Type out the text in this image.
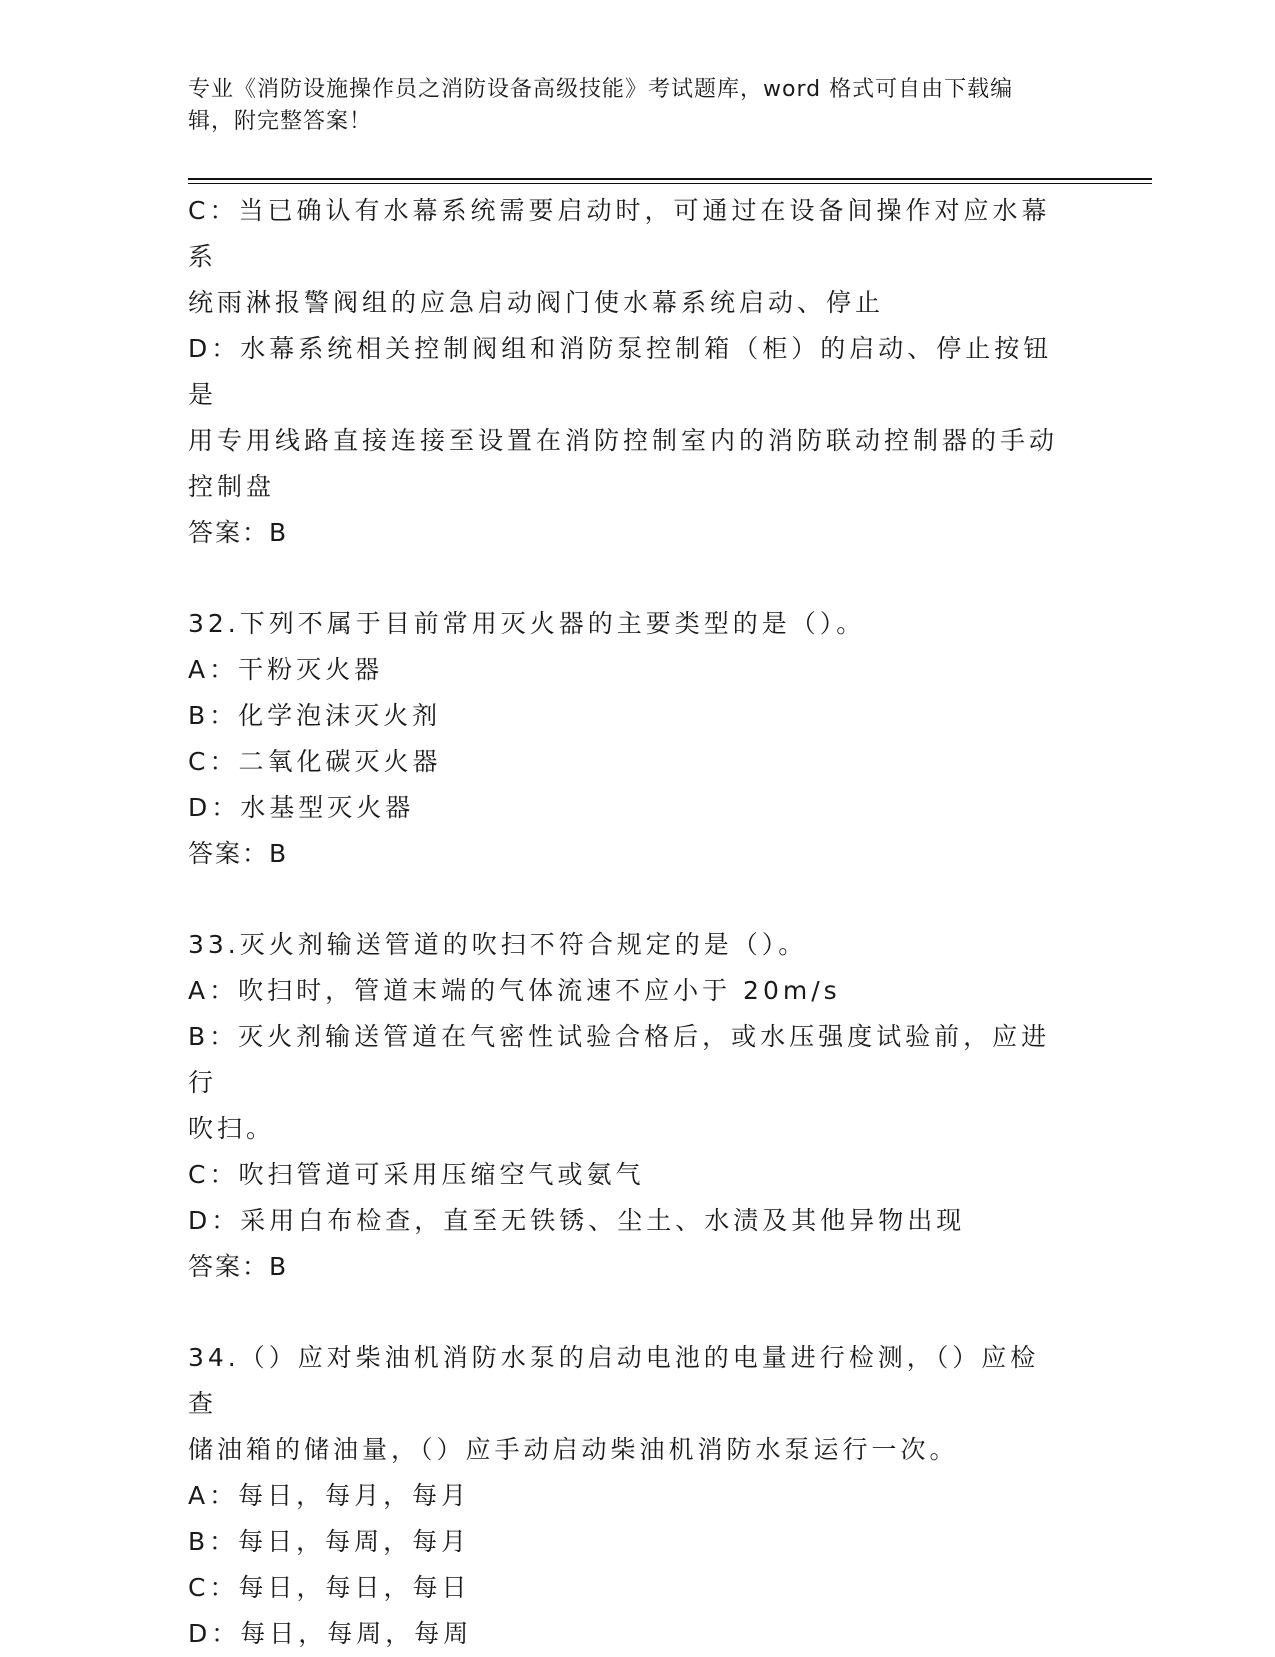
专业《消防设施操作员之消防设备高级技能》考试题库，word 格式可自由下载编
辑，附完整答案！
C：当已确认有水幕系统需要启动时，可通过在设备间操作对应水幕系
统雨淋报警阀组的应急启动阀门使水幕系统启动、停止
D：水幕系统相关控制阀组和消防泵控制箱（柜）的启动、停止按钮是
用专用线路直接连接至设置在消防控制室内的消防联动控制器的手动
控制盘
答案：B
32.下列不属于目前常用灭火器的主要类型的是（）。
A：干粉灭火器
B：化学泡沫灭火剂
C：二氧化碳灭火器
D：水基型灭火器
答案：B
33.灭火剂输送管道的吹扫不符合规定的是（）。
A：吹扫时，管道末端的气体流速不应小于 20m/s
B：灭火剂输送管道在气密性试验合格后，或水压强度试验前，应进行
吹扫。
C：吹扫管道可采用压缩空气或氨气
D：采用白布检查，直至无铁锈、尘土、水渍及其他异物出现
答案：B
34.（）应对柴油机消防水泵的启动电池的电量进行检测，（）应检查
储油箱的储油量，（）应手动启动柴油机消防水泵运行一次。
A：每日，每月，每月
B：每日，每周，每月
C：每日，每日，每日
D：每日，每周，每周
